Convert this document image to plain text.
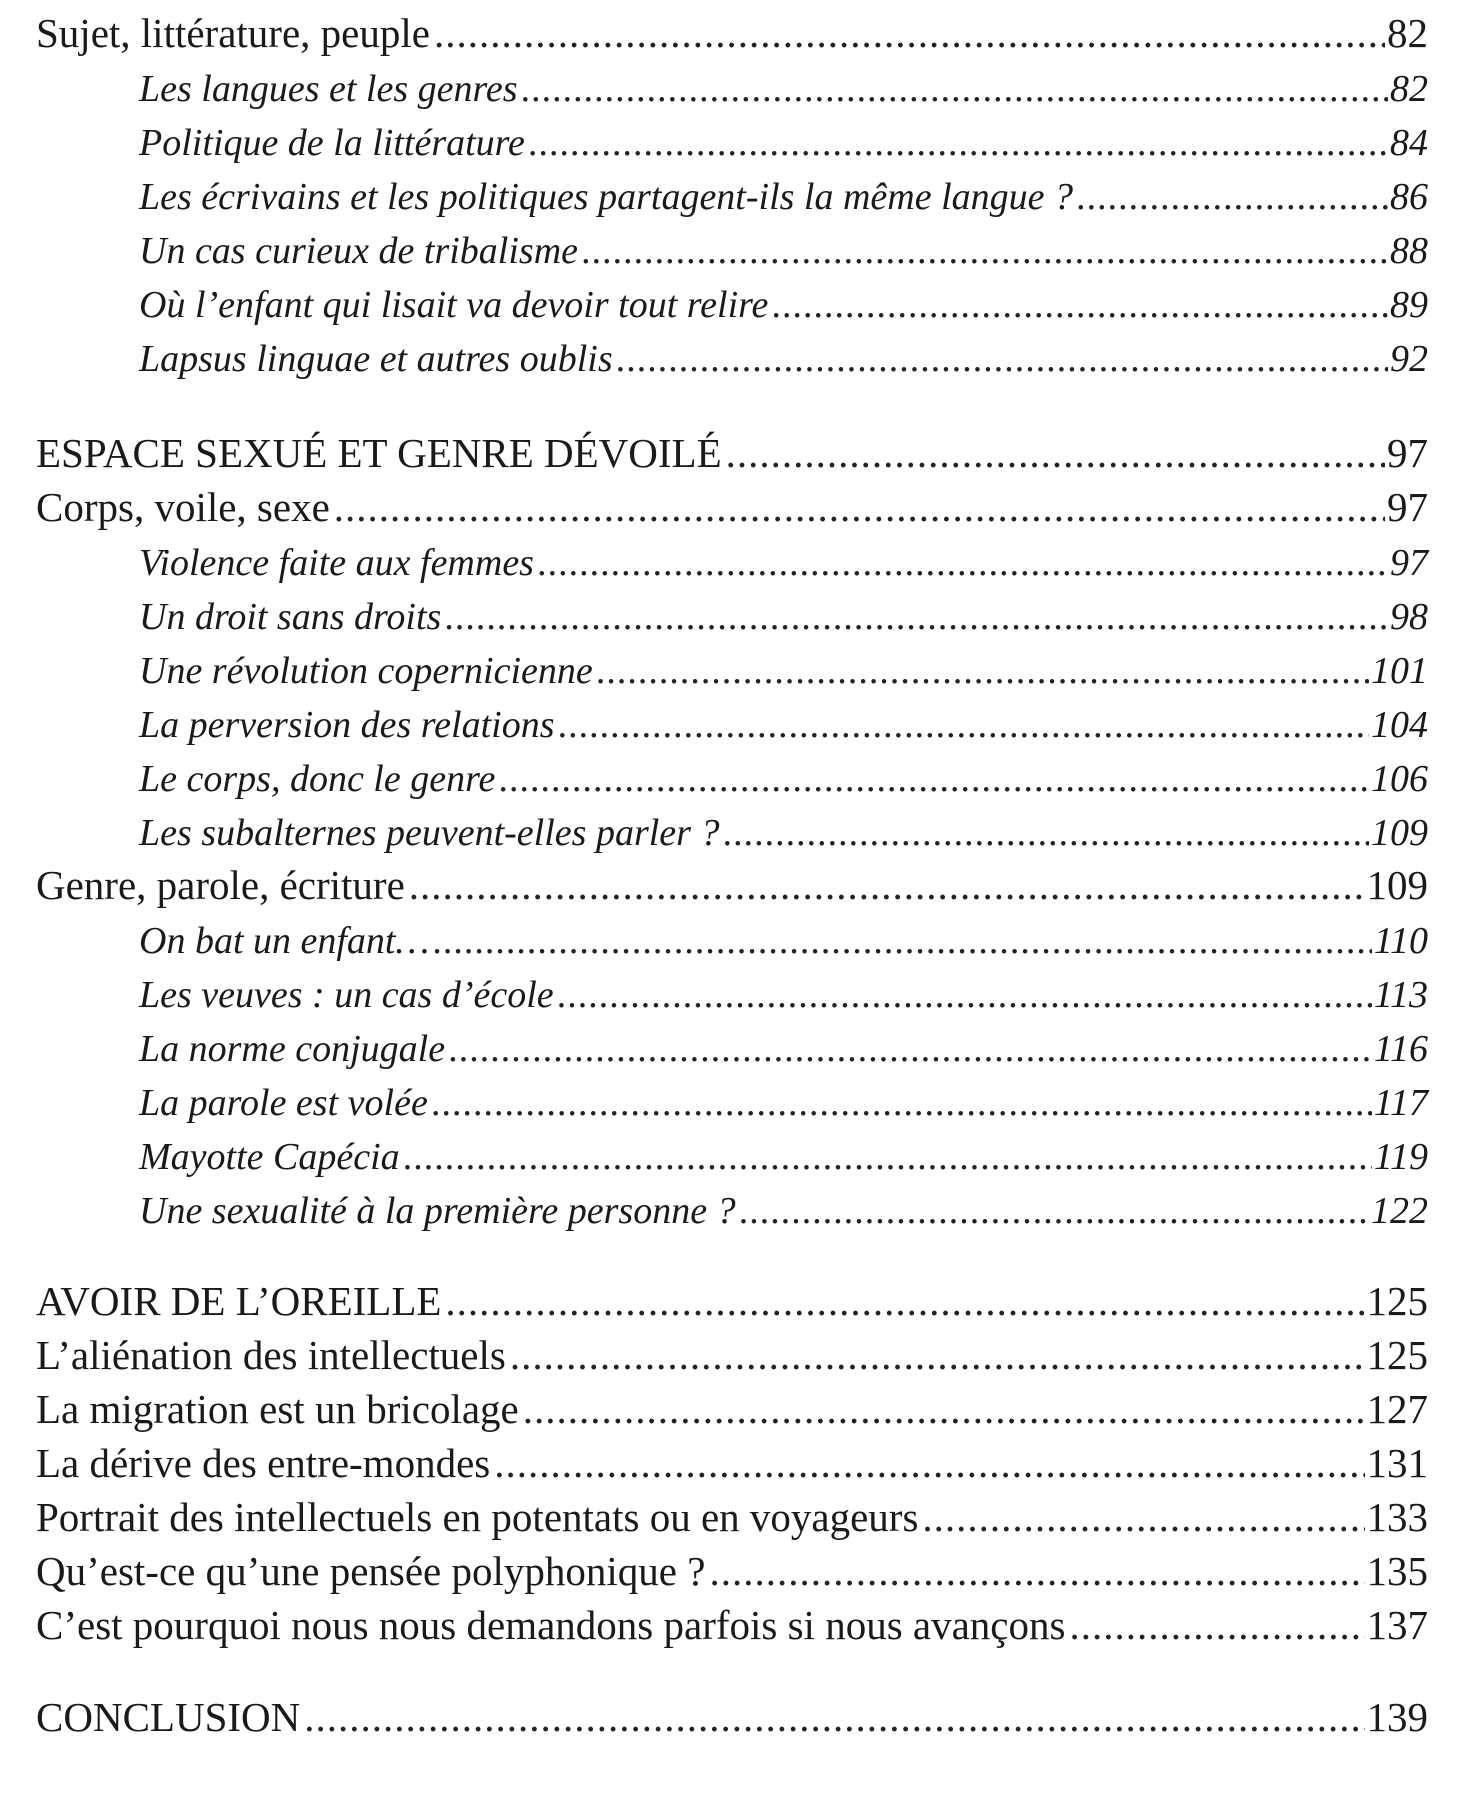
Sujet, littérature, peuple .....	82
Les langues et les genres .....	82
Politique de la littérature .....	84
Les écrivains et les politiques partagent-ils la même langue ? .....	86
Un cas curieux de tribalisme .....	88
Où l’enfant qui lisait va devoir tout relire .....	89
Lapsus linguae et autres oublis .....	92
ESPACE SEXUÉ ET GENRE DÉVOILÉ .....	97
Corps, voile, sexe .....	97
Violence faite aux femmes .....	97
Un droit sans droits .....	98
Une révolution copernicienne .....	101
La perversion des relations .....	104
Le corps, donc le genre .....	106
Les subalternes peuvent-elles parler ? .....	109
Genre, parole, écriture .....	109
On bat un enfant… .....	110
Les veuves : un cas d’école .....	113
La norme conjugale .....	116
La parole est volée .....	117
Mayotte Capécia .....	119
Une sexualité à la première personne ? .....	122
AVOIR DE L’OREILLE .....	125
L’aliénation des intellectuels .....	125
La migration est un bricolage .....	127
La dérive des entre-mondes .....	131
Portrait des intellectuels en potentats ou en voyageurs .....	133
Qu’est-ce qu’une pensée polyphonique ? .....	135
C’est pourquoi nous nous demandons parfois si nous avançons .....	137
CONCLUSION .....	139
